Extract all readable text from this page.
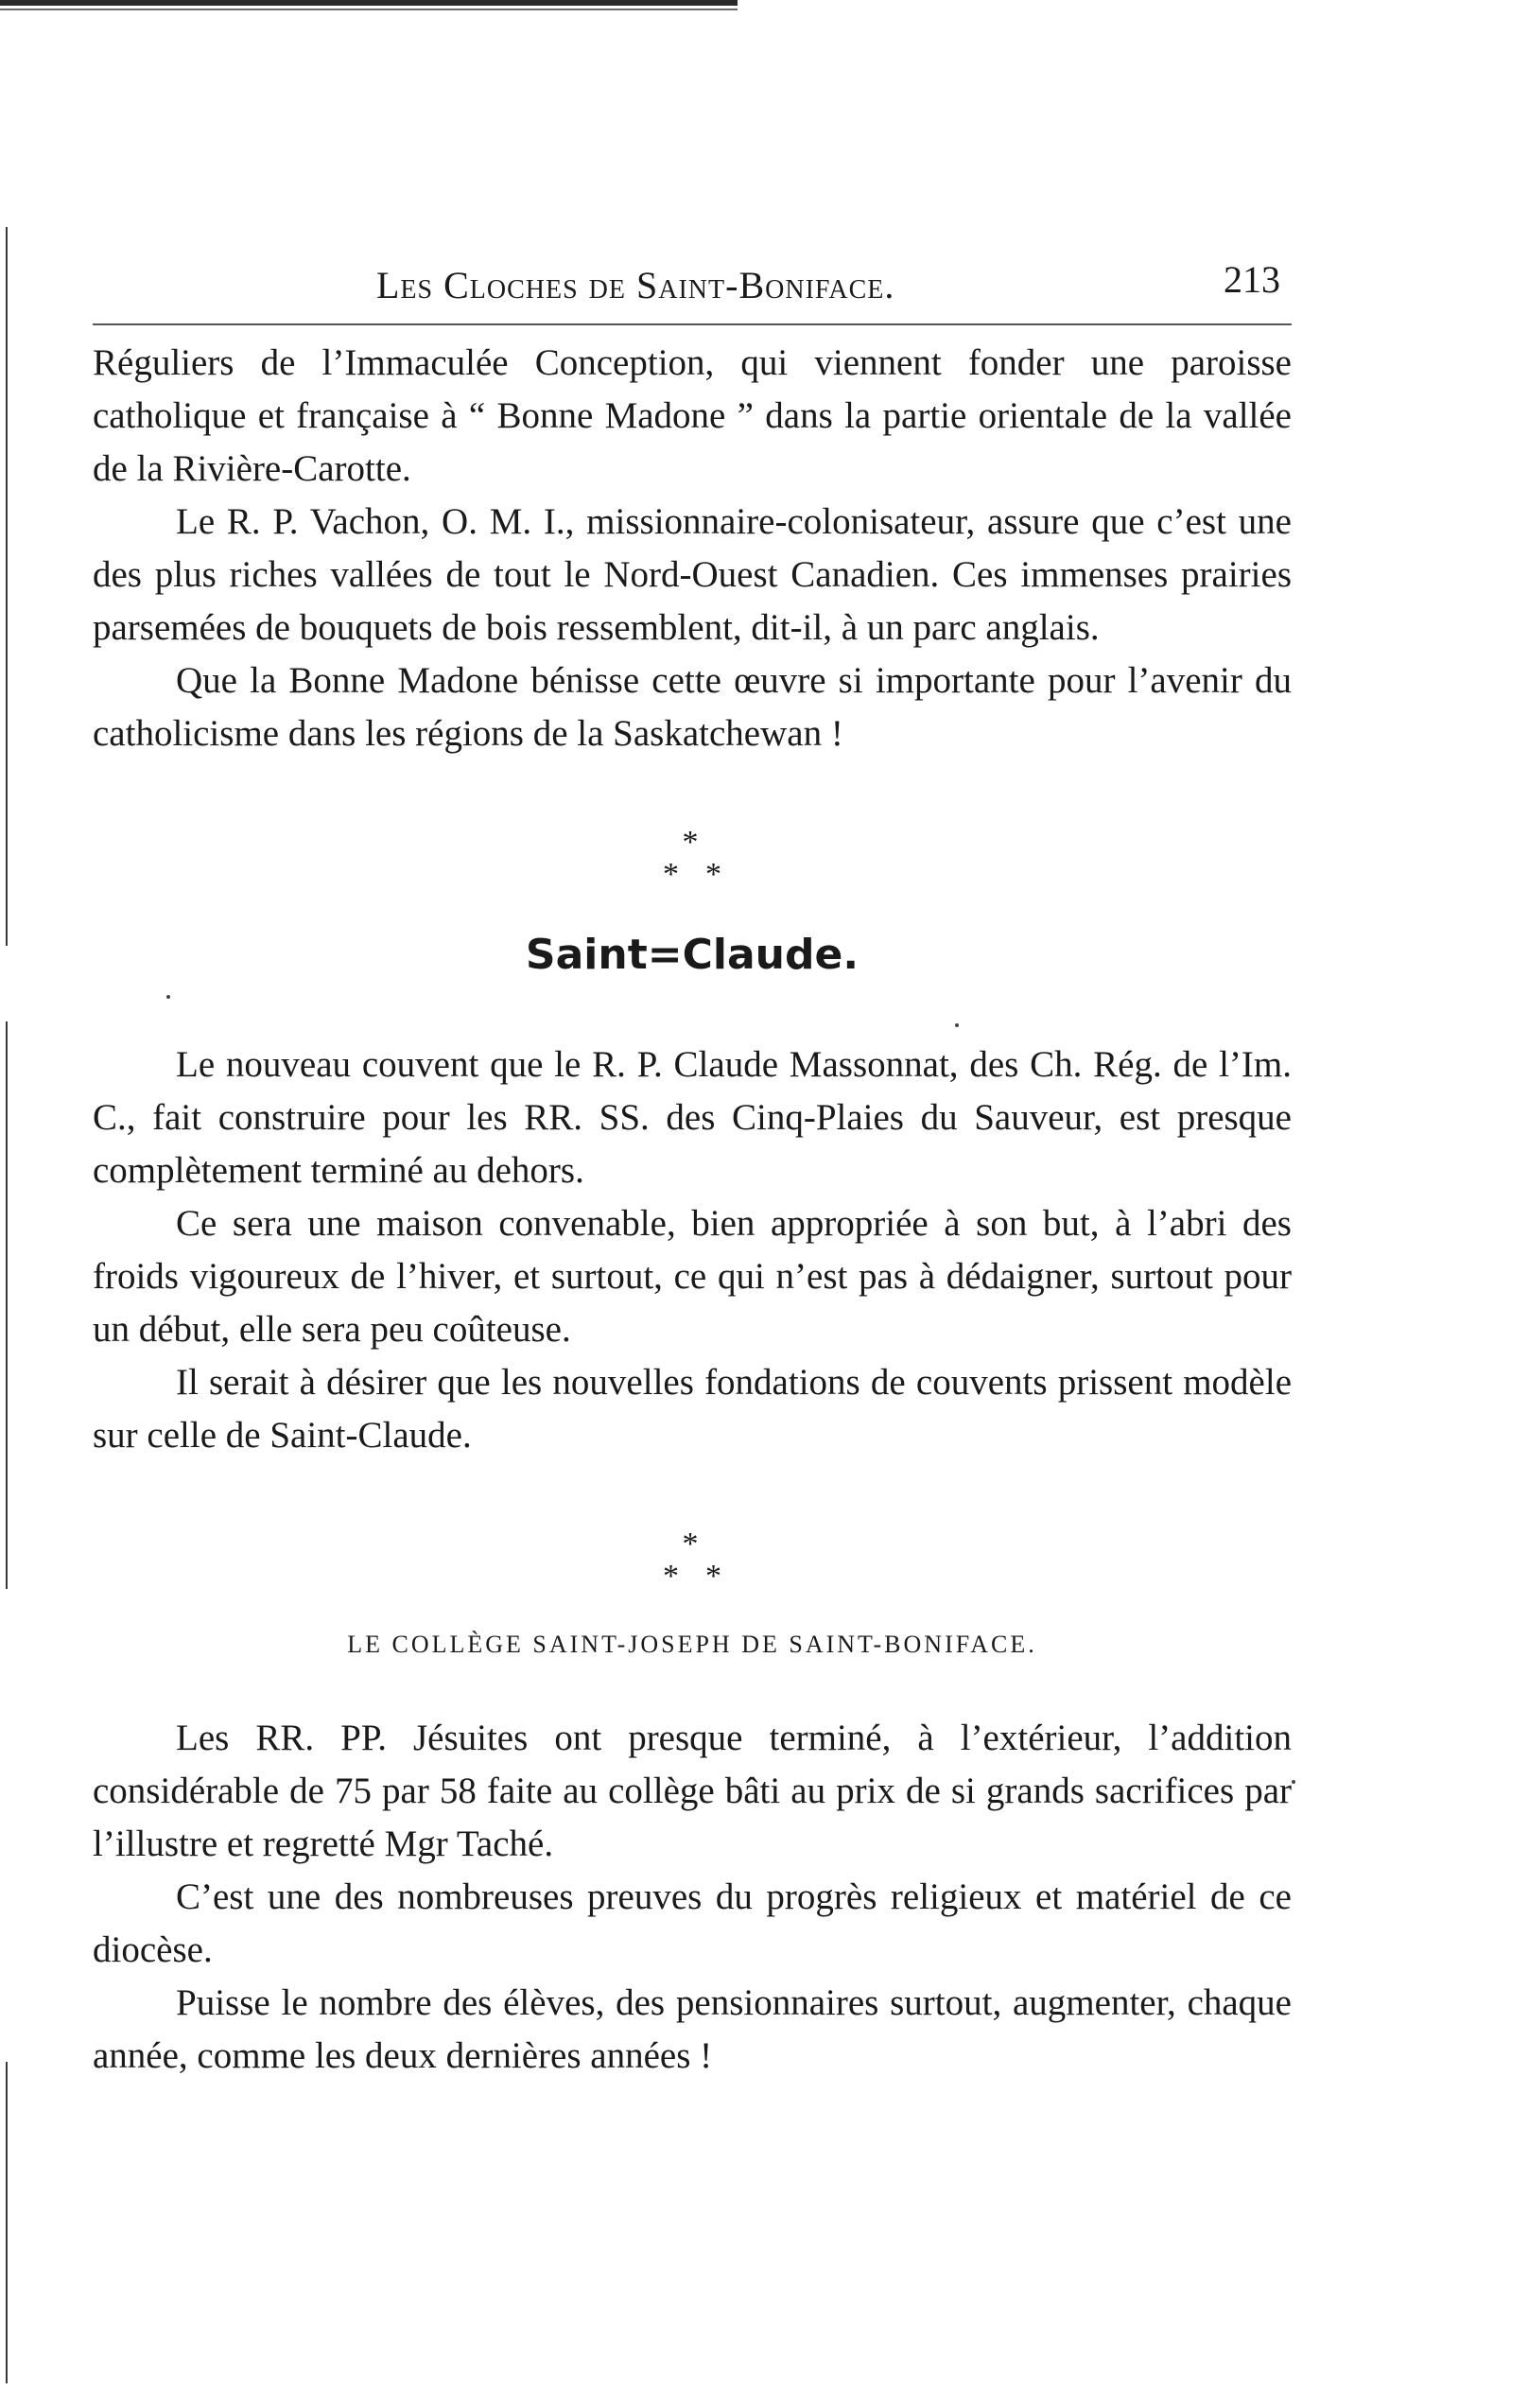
Les Cloches de Saint-Boniface.	213

Réguliers de l’Immaculée Conception, qui viennent fonder une paroisse catholique et française à “ Bonne Madone ” dans la partie orientale de la vallée de la Rivière-Carotte.

Le R. P. Vachon, O. M. I., missionnaire-colonisateur, assure que c’est une des plus riches vallées de tout le Nord-Ouest Canadien. Ces immenses prairies parsemées de bouquets de bois ressemblent, dit-il, à un parc anglais.

Que la Bonne Madone bénisse cette œuvre si importante pour l’avenir du catholicisme dans les régions de la Saskatchewan !

*
**
Saint=Claude.

Le nouveau couvent que le R. P. Claude Massonnat, des Ch. Rég. de l’Im. C., fait construire pour les RR. SS. des Cinq-Plaies du Sauveur, est presque complètement terminé au dehors.

Ce sera une maison convenable, bien appropriée à son but, à l’abri des froids vigoureux de l’hiver, et surtout, ce qui n’est pas à dédaigner, surtout pour un début, elle sera peu coûteuse.

Il serait à désirer que les nouvelles fondations de couvents prissent modèle sur celle de Saint-Claude.

*
**
LE COLLÈGE SAINT-JOSEPH DE SAINT-BONIFACE.

Les RR. PP. Jésuites ont presque terminé, à l’extérieur, l’addition considérable de 75 par 58 faite au collège bâti au prix de si grands sacrifices par l’illustre et regretté Mgr Taché.

C’est une des nombreuses preuves du progrès religieux et matériel de ce diocèse.

Puisse le nombre des élèves, des pensionnaires surtout, augmenter, chaque année, comme les deux dernières années !
